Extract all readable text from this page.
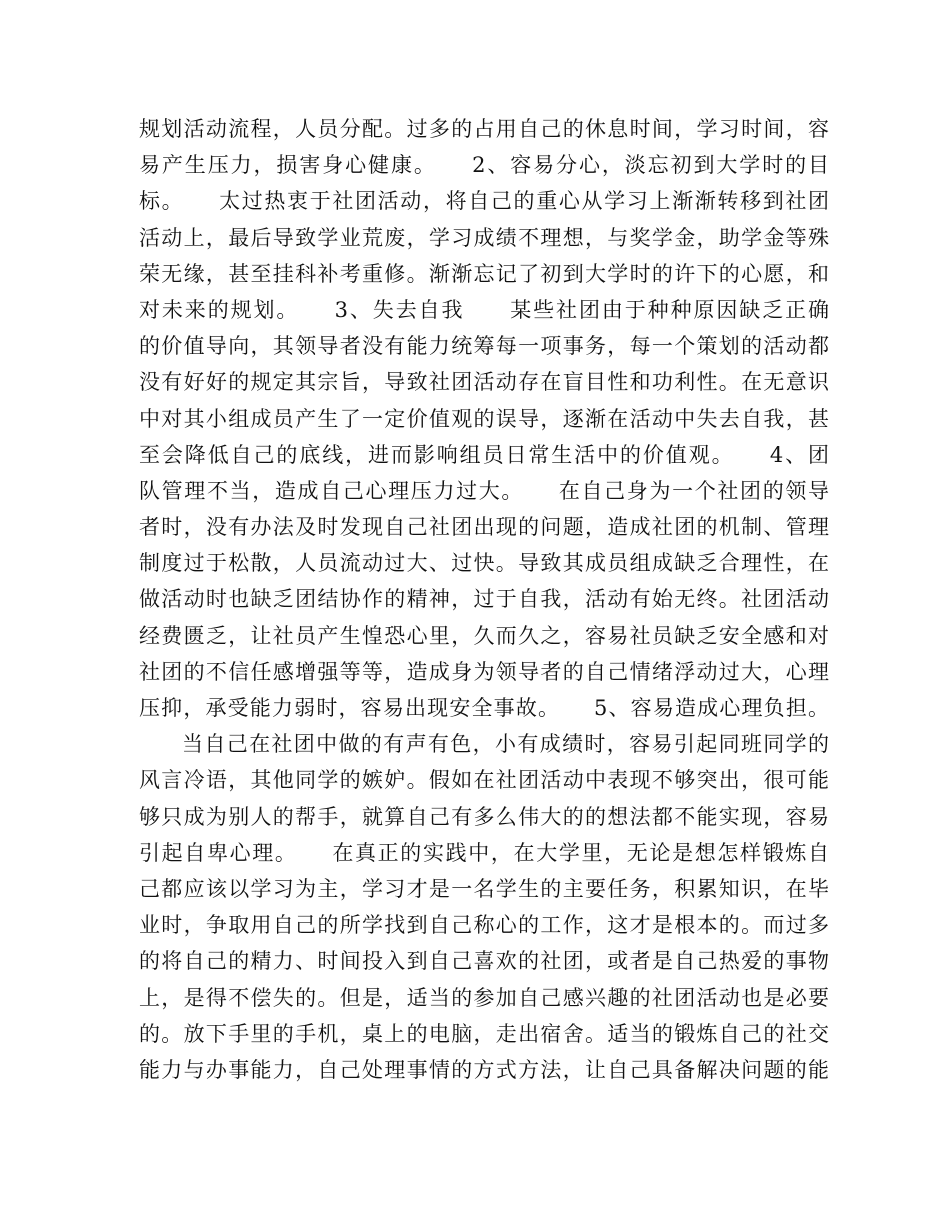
规划活动流程，人员分配。过多的占用自己的休息时间，学习时间，容
易产生压力，损害身心健康。　　2、容易分心，淡忘初到大学时的目
标。　　太过热衷于社团活动，将自己的重心从学习上渐渐转移到社团
活动上，最后导致学业荒废，学习成绩不理想，与奖学金，助学金等殊
荣无缘，甚至挂科补考重修。渐渐忘记了初到大学时的许下的心愿，和
对未来的规划。　　3、失去自我　　某些社团由于种种原因缺乏正确
的价值导向，其领导者没有能力统筹每一项事务，每一个策划的活动都
没有好好的规定其宗旨，导致社团活动存在盲目性和功利性。在无意识
中对其小组成员产生了一定价值观的误导，逐渐在活动中失去自我，甚
至会降低自己的底线，进而影响组员日常生活中的价值观。　　4、团
队管理不当，造成自己心理压力过大。　　在自己身为一个社团的领导
者时，没有办法及时发现自己社团出现的问题，造成社团的机制、管理
制度过于松散，人员流动过大、过快。导致其成员组成缺乏合理性，在
做活动时也缺乏团结协作的精神，过于自我，活动有始无终。社团活动
经费匮乏，让社员产生惶恐心里，久而久之，容易社员缺乏安全感和对
社团的不信任感增强等等，造成身为领导者的自己情绪浮动过大，心理
压抑，承受能力弱时，容易出现安全事故。　　5、容易造成心理负担。
当自己在社团中做的有声有色，小有成绩时，容易引起同班同学的
风言冷语，其他同学的嫉妒。假如在社团活动中表现不够突出，很可能
够只成为别人的帮手，就算自己有多么伟大的的想法都不能实现，容易
引起自卑心理。　　在真正的实践中，在大学里，无论是想怎样锻炼自
己都应该以学习为主，学习才是一名学生的主要任务，积累知识，在毕
业时，争取用自己的所学找到自己称心的工作，这才是根本的。而过多
的将自己的精力、时间投入到自己喜欢的社团，或者是自己热爱的事物
上，是得不偿失的。但是，适当的参加自己感兴趣的社团活动也是必要
的。放下手里的手机，桌上的电脑，走出宿舍。适当的锻炼自己的社交
能力与办事能力，自己处理事情的方式方法，让自己具备解决问题的能
